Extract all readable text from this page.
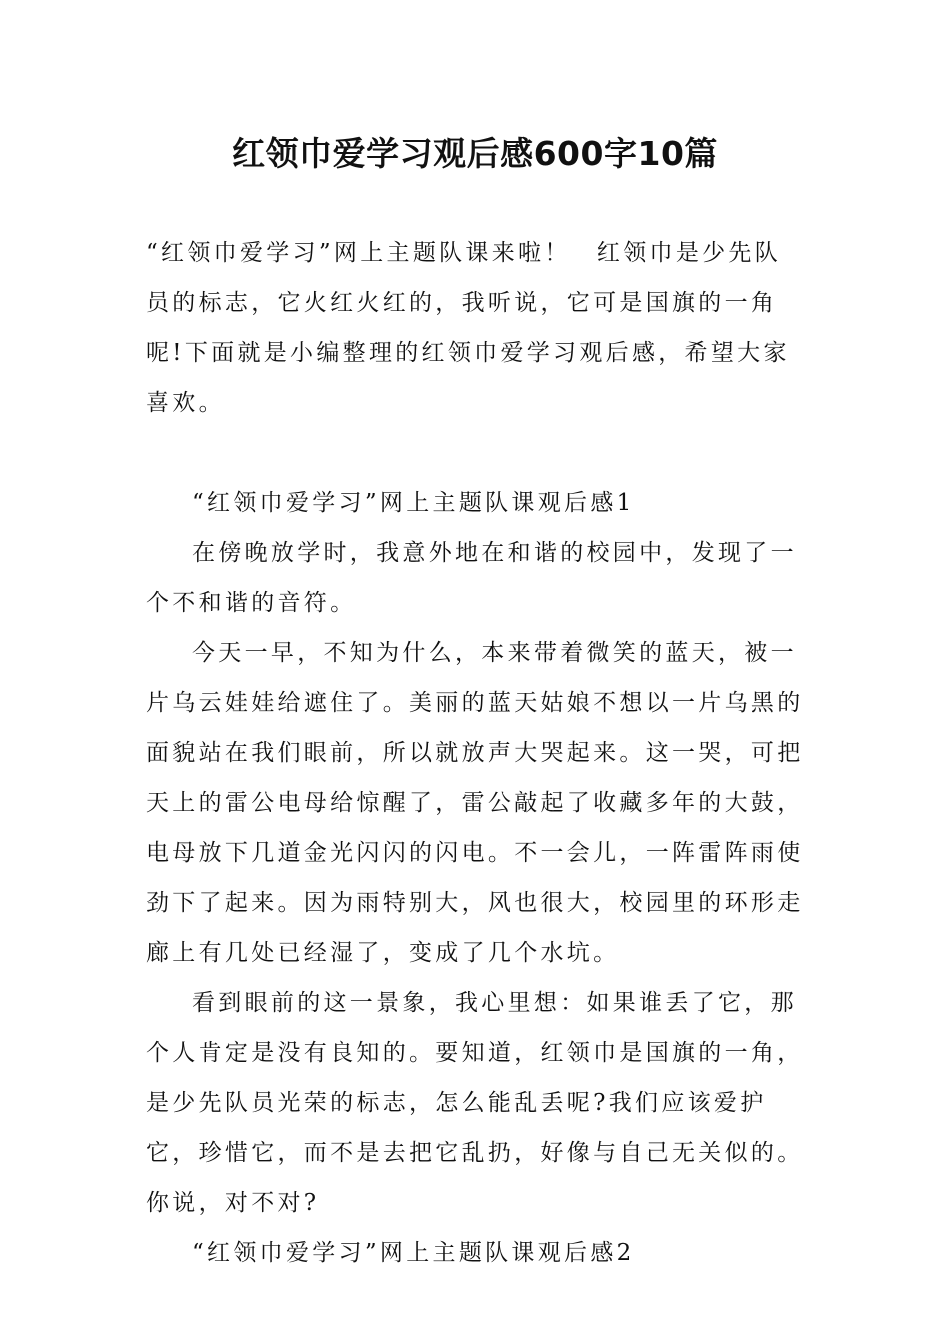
红领巾爱学习观后感600字10篇

“红领巾爱学习”网上主题队课来啦！　红领巾是少先队员的标志，它火红火红的，我听说，它可是国旗的一角呢!下面就是小编整理的红领巾爱学习观后感，希望大家喜欢。

“红领巾爱学习”网上主题队课观后感1

在傍晚放学时，我意外地在和谐的校园中，发现了一个不和谐的音符。

今天一早，不知为什么，本来带着微笑的蓝天，被一片乌云娃娃给遮住了。美丽的蓝天姑娘不想以一片乌黑的面貌站在我们眼前，所以就放声大哭起来。这一哭，可把天上的雷公电母给惊醒了，雷公敲起了收藏多年的大鼓，电母放下几道金光闪闪的闪电。不一会儿，一阵雷阵雨使劲下了起来。因为雨特别大，风也很大，校园里的环形走廊上有几处已经湿了，变成了几个水坑。

看到眼前的这一景象，我心里想：如果谁丢了它，那个人肯定是没有良知的。要知道，红领巾是国旗的一角，是少先队员光荣的标志，怎么能乱丢呢?我们应该爱护它，珍惜它，而不是去把它乱扔，好像与自己无关似的。你说，对不对?

“红领巾爱学习”网上主题队课观后感2
